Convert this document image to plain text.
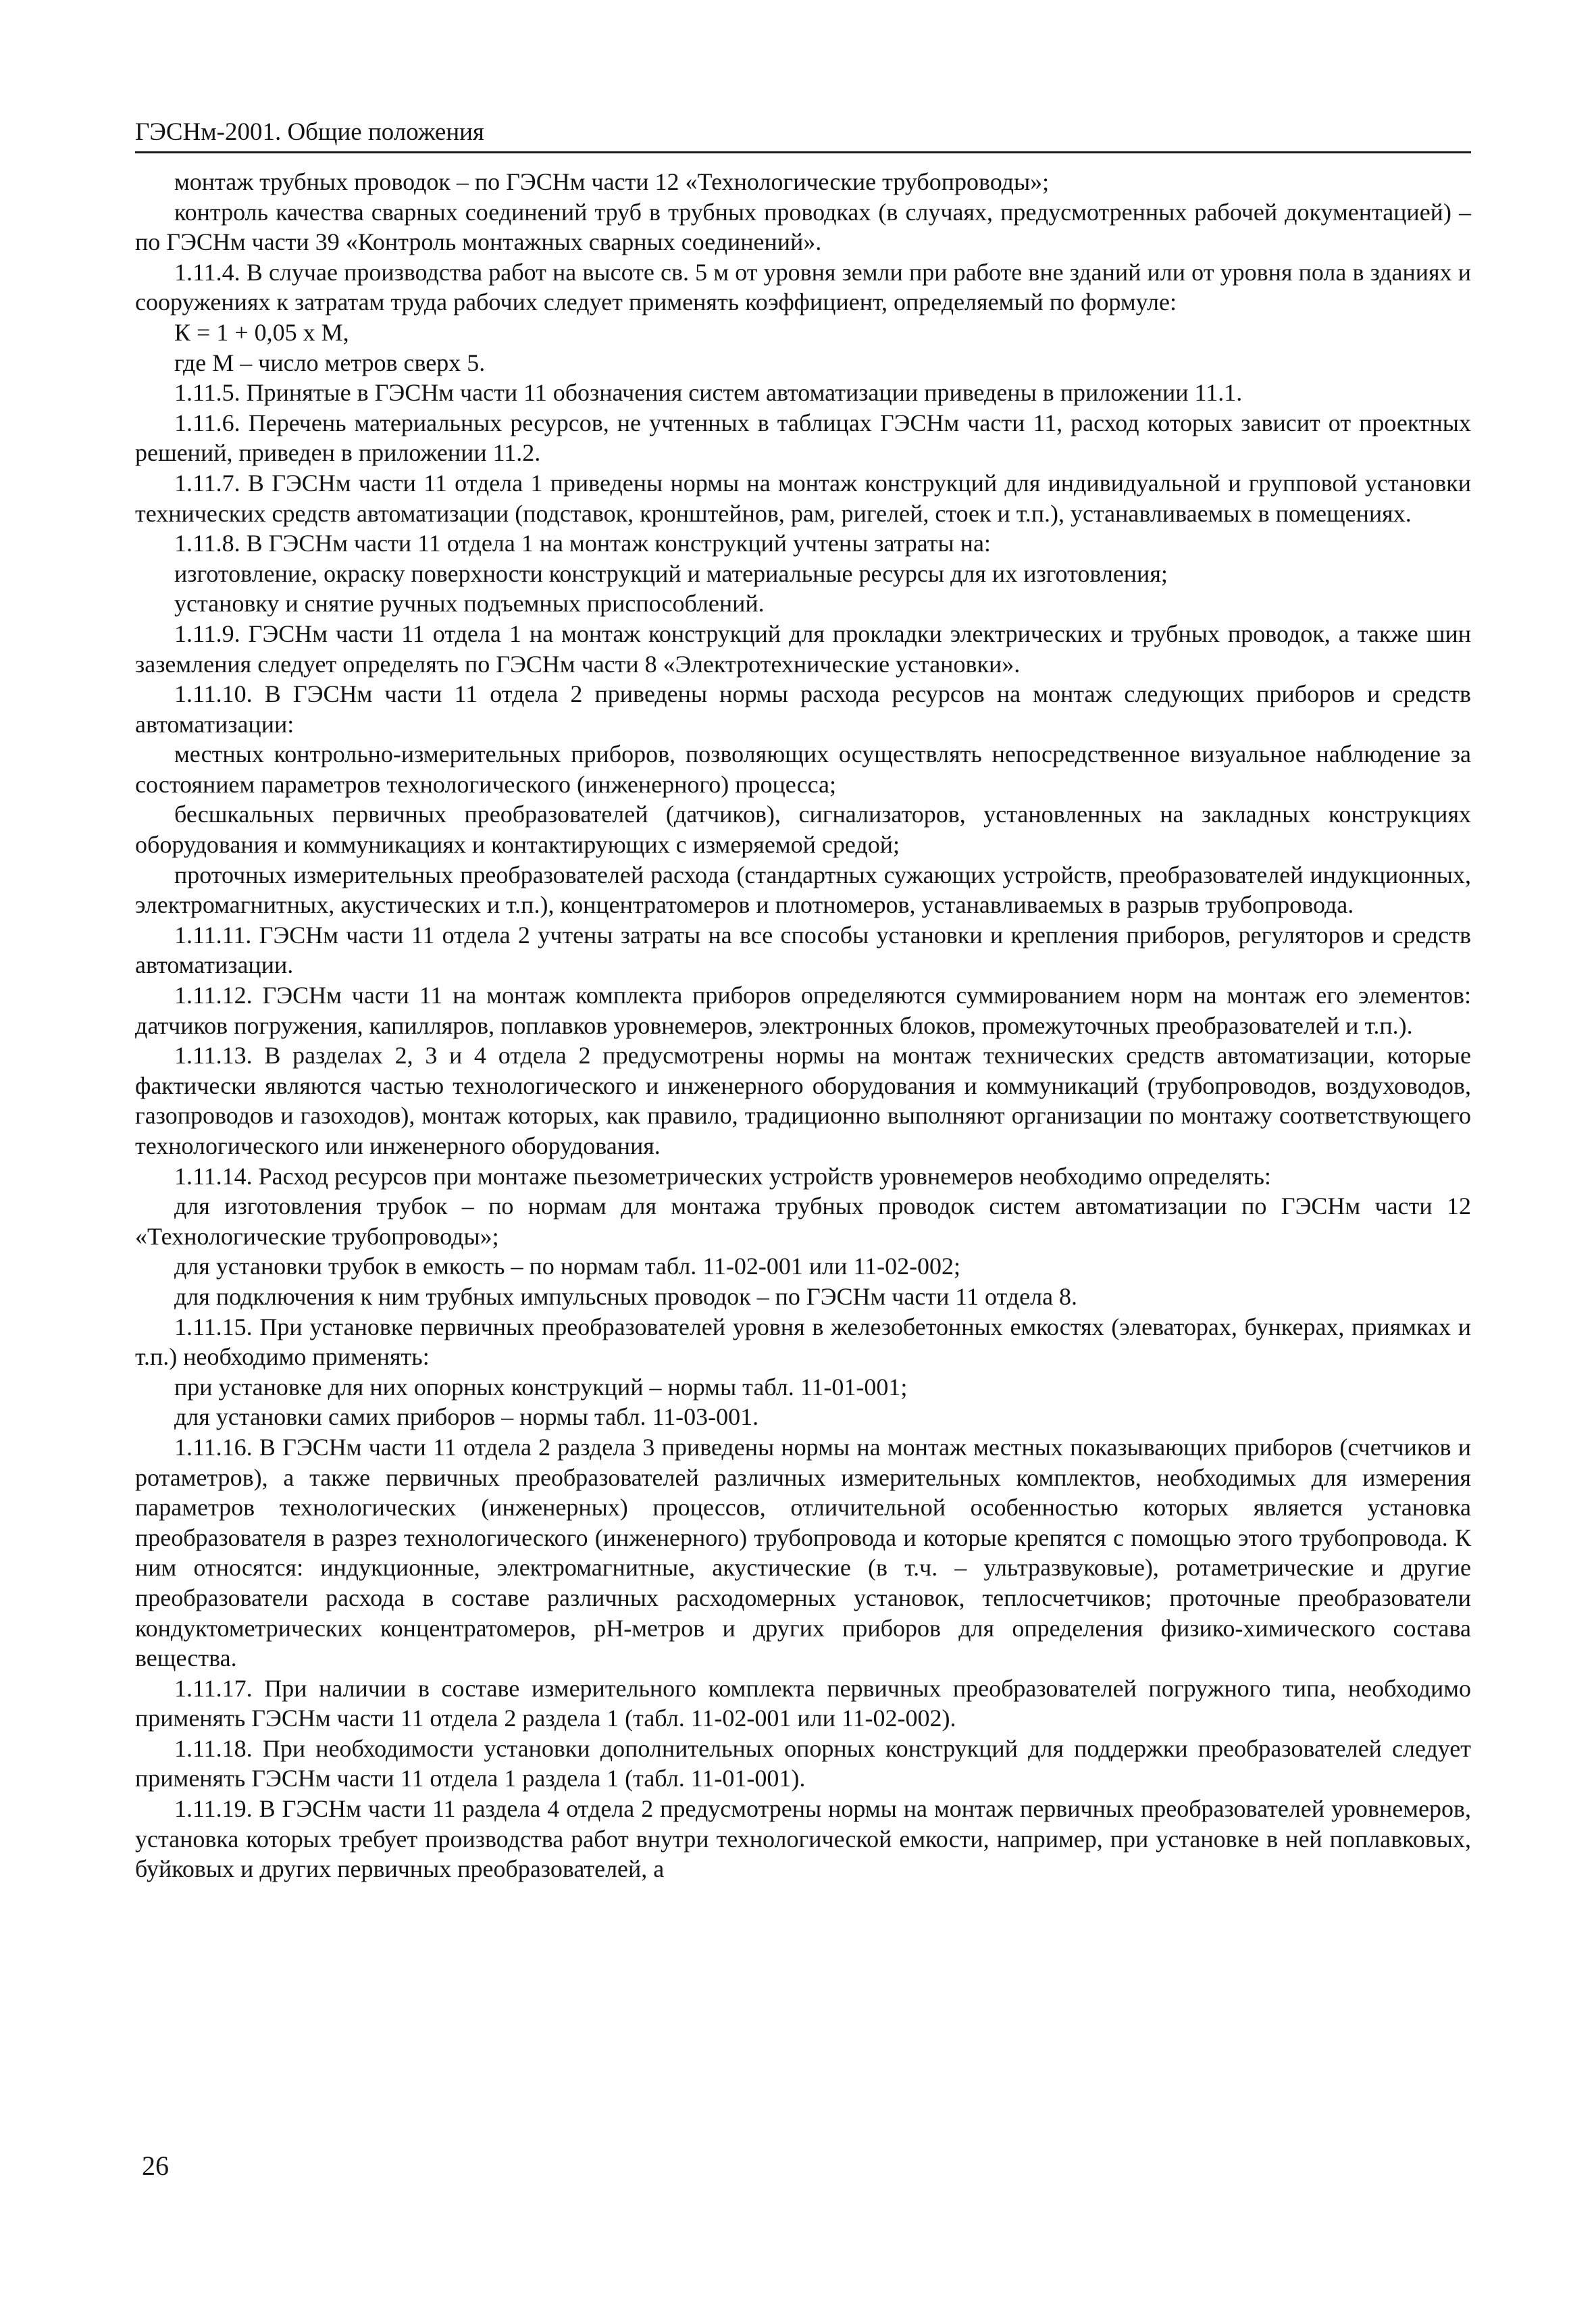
ГЭСНм-2001. Общие положения

монтаж трубных проводок – по ГЭСНм части 12 «Технологические трубопроводы»;

контроль качества сварных соединений труб в трубных проводках (в случаях, предусмотренных рабочей документацией) – по ГЭСНм части 39 «Контроль монтажных сварных соединений».

1.11.4. В случае производства работ на высоте св. 5 м от уровня земли при работе вне зданий или от уровня пола в зданиях и сооружениях к затратам труда рабочих следует применять коэффициент, определяемый по формуле:

К = 1 + 0,05 х М,

где М – число метров сверх 5.

1.11.5. Принятые в ГЭСНм части 11 обозначения систем автоматизации приведены в приложении 11.1.

1.11.6. Перечень материальных ресурсов, не учтенных в таблицах ГЭСНм части 11, расход которых зависит от проектных решений, приведен в приложении 11.2.

1.11.7. В ГЭСНм части 11 отдела 1 приведены нормы на монтаж конструкций для индивидуальной и групповой установки технических средств автоматизации (подставок, кронштейнов, рам, ригелей, стоек и т.п.), устанавливаемых в помещениях.

1.11.8. В ГЭСНм части 11 отдела 1 на монтаж конструкций учтены затраты на:

изготовление, окраску поверхности конструкций и материальные ресурсы для их изготовления;

установку и снятие ручных подъемных приспособлений.

1.11.9. ГЭСНм части 11 отдела 1 на монтаж конструкций для прокладки электрических и трубных проводок, а также шин заземления следует определять по ГЭСНм части 8 «Электротехнические установки».

1.11.10. В ГЭСНм части 11 отдела 2 приведены нормы расхода ресурсов на монтаж следующих приборов и средств автоматизации:

местных контрольно-измерительных приборов, позволяющих осуществлять непосредственное визуальное наблюдение за состоянием параметров технологического (инженерного) процесса;

бесшкальных первичных преобразователей (датчиков), сигнализаторов, установленных на закладных конструкциях оборудования и коммуникациях и контактирующих с измеряемой средой;

проточных измерительных преобразователей расхода (стандартных сужающих устройств, преобразователей индукционных, электромагнитных, акустических и т.п.), концентратомеров и плотномеров, устанавливаемых в разрыв трубопровода.

1.11.11. ГЭСНм части 11 отдела 2 учтены затраты на все способы установки и крепления приборов, регуляторов и средств автоматизации.

1.11.12. ГЭСНм части 11 на монтаж комплекта приборов определяются суммированием норм на монтаж его элементов: датчиков погружения, капилляров, поплавков уровнемеров, электронных блоков, промежуточных преобразователей и т.п.).

1.11.13. В разделах 2, 3 и 4 отдела 2 предусмотрены нормы на монтаж технических средств автоматизации, которые фактически являются частью технологического и инженерного оборудования и коммуникаций (трубопроводов, воздуховодов, газопроводов и газоходов), монтаж которых, как правило, традиционно выполняют организации по монтажу соответствующего технологического или инженерного оборудования.

1.11.14. Расход ресурсов при монтаже пьезометрических устройств уровнемеров необходимо определять:

для изготовления трубок – по нормам для монтажа трубных проводок систем автоматизации по ГЭСНм части 12 «Технологические трубопроводы»;

для установки трубок в емкость – по нормам табл. 11-02-001 или 11-02-002;

для подключения к ним трубных импульсных проводок – по ГЭСНм части 11 отдела 8.

1.11.15. При установке первичных преобразователей уровня в железобетонных емкостях (элеваторах, бункерах, приямках и т.п.) необходимо применять:

при установке для них опорных конструкций – нормы табл. 11-01-001;

для установки самих приборов – нормы табл. 11-03-001.

1.11.16. В ГЭСНм части 11 отдела 2 раздела 3 приведены нормы на монтаж местных показывающих приборов (счетчиков и ротаметров), а также первичных преобразователей различных измерительных комплектов, необходимых для измерения параметров технологических (инженерных) процессов, отличительной особенностью которых является установка преобразователя в разрез технологического (инженерного) трубопровода и которые крепятся с помощью этого трубопровода. К ним относятся: индукционные, электромагнитные, акустические (в т.ч. – ультразвуковые), ротаметрические и другие преобразователи расхода в составе различных расходомерных установок, теплосчетчиков; проточные преобразователи кондуктометрических концентратомеров, рН-метров и других приборов для определения физико-химического состава вещества.

1.11.17. При наличии в составе измерительного комплекта первичных преобразователей погружного типа, необходимо применять ГЭСНм части 11 отдела 2 раздела 1 (табл. 11-02-001 или 11-02-002).

1.11.18. При необходимости установки дополнительных опорных конструкций для поддержки преобразователей следует применять ГЭСНм части 11 отдела 1 раздела 1 (табл. 11-01-001).

1.11.19. В ГЭСНм части 11 раздела 4 отдела 2 предусмотрены нормы на монтаж первичных преобразователей уровнемеров, установка которых требует производства работ внутри технологической емкости, например, при установке в ней поплавковых, буйковых и других первичных преобразователей, а

26
